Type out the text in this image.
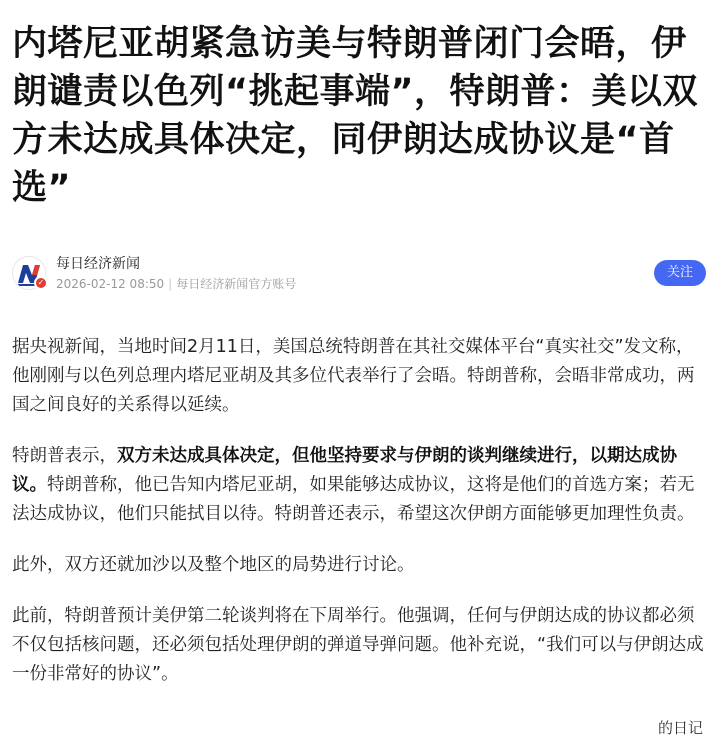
内塔尼亚胡紧急访美与特朗普闭门会晤，伊朗谴责以色列“挑起事端”，特朗普：美以双方未达成具体决定，同伊朗达成协议是“首选”
✓
每日经济新闻
2026-02-12 08:50 | 每日经济新闻官方账号
关注

据央视新闻，当地时间2月11日，美国总统特朗普在其社交媒体平台“真实社交”发文称，他刚刚与以色列总理内塔尼亚胡及其多位代表举行了会晤。特朗普称，会晤非常成功，两国之间良好的关系得以延续。

特朗普表示，双方未达成具体决定，但他坚持要求与伊朗的谈判继续进行，以期达成协议。特朗普称，他已告知内塔尼亚胡，如果能够达成协议，这将是他们的首选方案；若无法达成协议，他们只能拭目以待。特朗普还表示，希望这次伊朗方面能够更加理性负责。

此外，双方还就加沙以及整个地区的局势进行讨论。

此前，特朗普预计美伊第二轮谈判将在下周举行。他强调，任何与伊朗达成的协议都必须不仅包括核问题，还必须包括处理伊朗的弹道导弹问题。他补充说，“我们可以与伊朗达成一份非常好的协议”。

的日记
